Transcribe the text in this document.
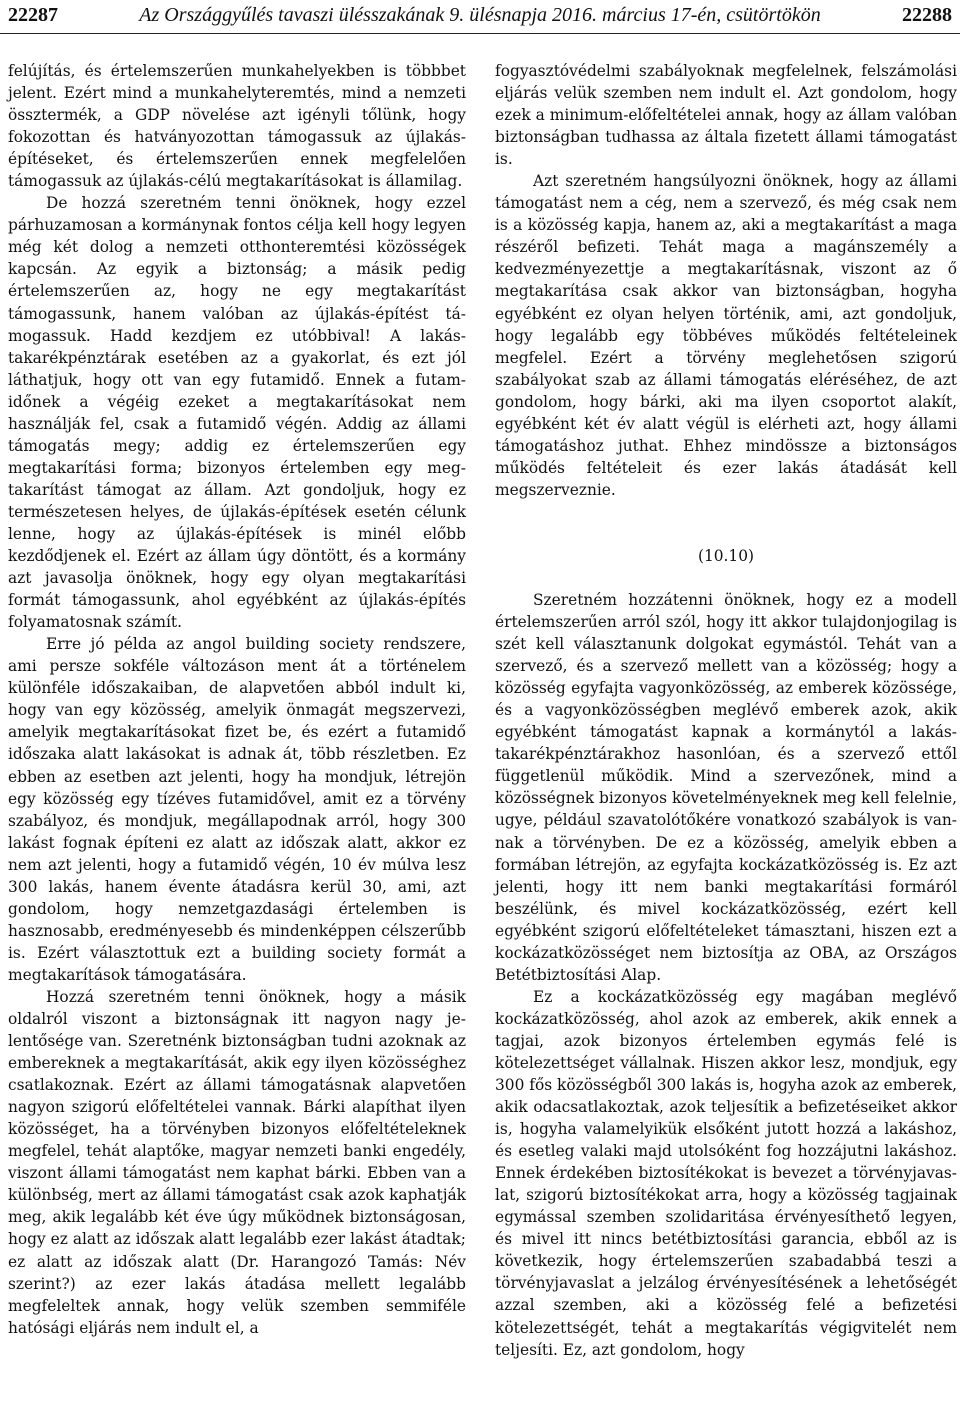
22287	Az Országgyűlés tavaszi ülésszakának 9. ülésnapja 2016. március 17-én, csütörtökön	22288

felújítás, és értelemszerűen munkahelyekben is többbet jelent. Ezért mind a munkahelyteremtés, mind a nemzeti össztermék, a GDP növelése azt igényli tőlünk, hogy fokozottan és hatványozottan támogassuk az újlakás-építéseket, és értelemszerűen ennek megfelelően támogassuk az újlakás-célú megtakarításokat is államilag.

De hozzá szeretném tenni önöknek, hogy ezzel párhuzamosan a kormánynak fontos célja kell hogy legyen még két dolog a nemzeti otthonteremtési közösségek kapcsán. Az egyik a biztonság; a másik pedig értelemszerűen az, hogy ne egy megtakarítást támogassunk, hanem valóban az újlakás-építést támogassuk. Hadd kezdjem ez utóbbival! A lakástakarékpénztárak esetében az a gyakorlat, és ezt jól láthatjuk, hogy ott van egy futamidő. Ennek a futamidőnek a végéig ezeket a megtakarításokat nem használják fel, csak a futamidő végén. Addig az állami támogatás megy; addig ez értelemszerűen egy megtakarítási forma; bizonyos értelemben egy megtakarítást támogat az állam. Azt gondoljuk, hogy ez természetesen helyes, de újlakás-építések esetén célunk lenne, hogy az újlakás-építések is minél előbb kezdődjenek el. Ezért az állam úgy döntött, és a kormány azt javasolja önöknek, hogy egy olyan megtakarítási formát támogassunk, ahol egyébként az újlakás-építés folyamatosnak számít.

Erre jó példa az angol building society rendszere, ami persze sokféle változáson ment át a történelem különféle időszakaiban, de alapvetően abból indult ki, hogy van egy közösség, amelyik önmagát megszervezi, amelyik megtakarításokat fizet be, és ezért a futamidő időszaka alatt lakásokat is adnak át, több részletben. Ez ebben az esetben azt jelenti, hogy ha mondjuk, létrejön egy közösség egy tízéves futamidővel, amit ez a törvény szabályoz, és mondjuk, megállapodnak arról, hogy 300 lakást fognak építeni ez alatt az időszak alatt, akkor ez nem azt jelenti, hogy a futamidő végén, 10 év múlva lesz 300 lakás, hanem évente átadásra kerül 30, ami, azt gondolom, hogy nemzetgazdasági értelemben is hasznosabb, eredményesebb és mindenképpen célszerűbb is. Ezért választottuk ezt a building society formát a megtakarítások támogatására.

Hozzá szeretném tenni önöknek, hogy a másik oldalról viszont a biztonságnak itt nagyon nagy jelentősége van. Szeretnénk biztonságban tudni azoknak az embereknek a megtakarítását, akik egy ilyen közösséghez csatlakoznak. Ezért az állami támogatásnak alapvetően nagyon szigorú előfeltételei vannak. Bárki alapíthat ilyen közösséget, ha a törvényben bizonyos előfeltételeknek megfelel, tehát alaptőke, magyar nemzeti banki engedély, viszont állami támogatást nem kaphat bárki. Ebben van a különbség, mert az állami támogatást csak azok kaphatják meg, akik legalább két éve úgy működnek biztonságosan, hogy ez alatt az időszak alatt legalább ezer lakást átadtak; ez alatt az időszak alatt (Dr. Harangozó Tamás: Név szerint?) az ezer lakás átadása mellett legalább megfeleltek annak, hogy velük szemben semmiféle hatósági eljárás nem indult el, a

fogyasztóvédelmi szabályoknak megfelelnek, felszámolási eljárás velük szemben nem indult el. Azt gondolom, hogy ezek a minimum-előfeltételei annak, hogy az állam valóban biztonságban tudhassa az általa fizetett állami támogatást is.

Azt szeretném hangsúlyozni önöknek, hogy az állami támogatást nem a cég, nem a szervező, és még csak nem is a közösség kapja, hanem az, aki a megtakarítást a maga részéről befizeti. Tehát maga a magánszemély a kedvezményezettje a megtakarításnak, viszont az ő megtakarítása csak akkor van biztonságban, hogyha egyébként ez olyan helyen történik, ami, azt gondoljuk, hogy legalább egy többéves működés feltételeinek megfelel. Ezért a törvény meglehetősen szigorú szabályokat szab az állami támogatás eléréséhez, de azt gondolom, hogy bárki, aki ma ilyen csoportot alakít, egyébként két év alatt végül is elérheti azt, hogy állami támogatáshoz juthat. Ehhez mindössze a biztonságos működés feltételeit és ezer lakás átadását kell megszerveznie.

(10.10)

Szeretném hozzátenni önöknek, hogy ez a modell értelemszerűen arról szól, hogy itt akkor tulajdonjogilag is szét kell választanunk dolgokat egymástól. Tehát van a szervező, és a szervező mellett van a közösség; hogy a közösség egyfajta vagyonközösség, az emberek közössége, és a vagyonközösségben meglévő emberek azok, akik egyébként támogatást kapnak a kormánytól a lakás-takarékpénztárakhoz hasonlóan, és a szervező ettől függetlenül működik. Mind a szervezőnek, mind a közösségnek bizonyos követelményeknek meg kell felelnie, ugye, például szavatolótőkére vonatkozó szabályok is vannak a törvényben. De ez a közösség, amelyik ebben a formában létrejön, az egyfajta kockázatközösség is. Ez azt jelenti, hogy itt nem banki megtakarítási formáról beszélünk, és mivel kockázatközösség, ezért kell egyébként szigorú előfeltételeket támasztani, hiszen ezt a kockázatközösséget nem biztosítja az OBA, az Országos Betétbiztosítási Alap.

Ez a kockázatközösség egy magában meglévő kockázatközösség, ahol azok az emberek, akik ennek a tagjai, azok bizonyos értelemben egymás felé is kötelezettséget vállalnak. Hiszen akkor lesz, mondjuk, egy 300 fős közösségből 300 lakás is, hogyha azok az emberek, akik odacsatlakoztak, azok teljesítik a befizetéseiket akkor is, hogyha valamelyikük elsőként jutott hozzá a lakáshoz, és esetleg valaki majd utolsóként fog hozzájutni lakáshoz. Ennek érdekében biztosítékokat is bevezet a törvényjavaslat, szigorú biztosítékokat arra, hogy a közösség tagjainak egymással szemben szolidaritása érvényesíthető legyen, és mivel itt nincs betétbiztosítási garancia, ebből az is következik, hogy értelemszerűen szabadabbá teszi a törvényjavaslat a jelzálog érvényesítésének a lehetőségét azzal szemben, aki a közösség felé a befizetési kötelezettségét, tehát a megtakarítás végigvitelét nem teljesíti. Ez, azt gondolom, hogy
